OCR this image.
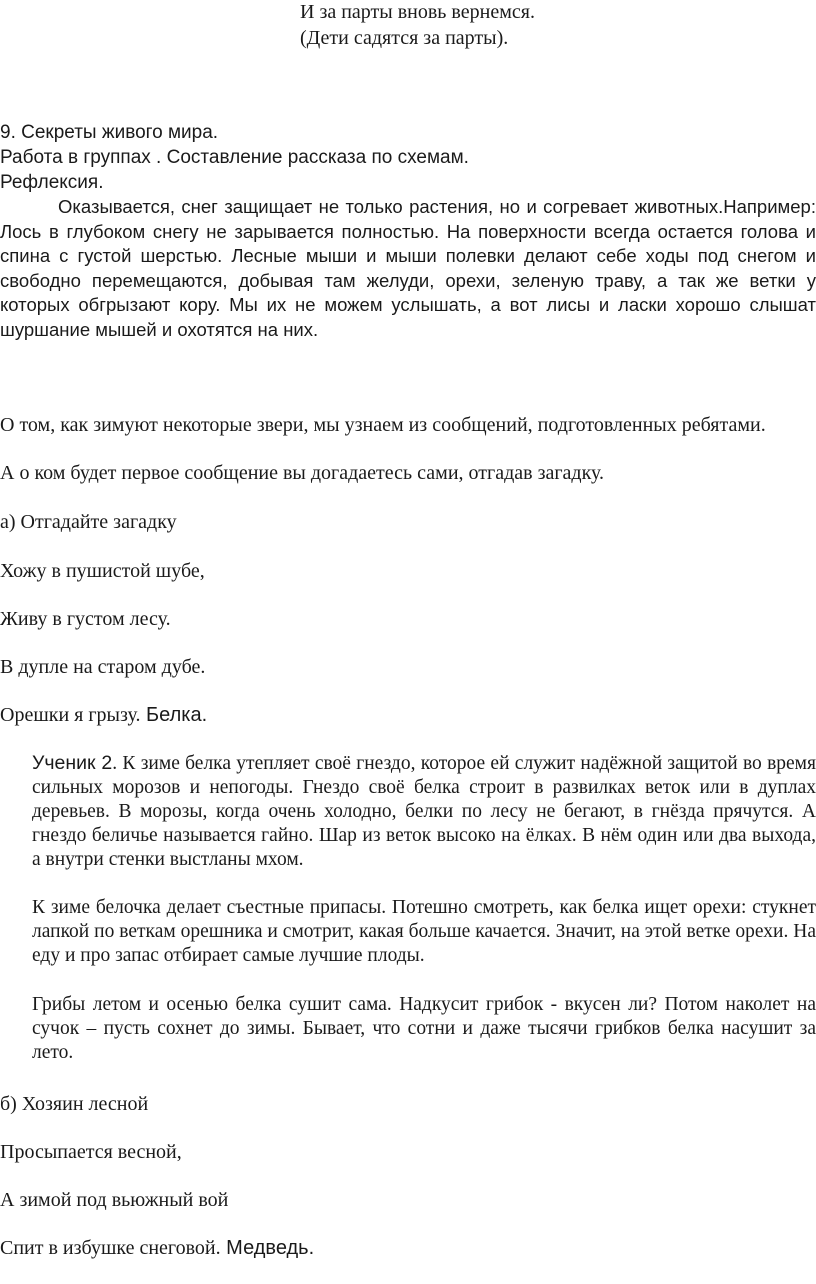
И за парты вновь вернемся.
(Дети садятся за парты).
9. Секреты живого мира.
Работа в группах . Составление рассказа по схемам.
Рефлексия.
Оказывается, снег защищает не только растения, но и согревает животных.Например: Лось в глубоком снегу не зарывается полностью. На поверхности всегда остается голова и спина с густой шерстью. Лесные мыши и мыши полевки делают себе ходы под снегом и свободно перемещаются, добывая там желуди, орехи, зеленую траву, а так же ветки у которых обгрызают кору. Мы их не можем услышать, а вот лисы и ласки хорошо слышат шуршание мышей и охотятся на них.
О том, как зимуют некоторые звери, мы узнаем из сообщений, подготовленных ребятами.
А о ком будет первое сообщение вы догадаетесь сами, отгадав загадку.
а) Отгадайте загадку
Хожу в пушистой шубе,
Живу в густом лесу.
В дупле на старом дубе.
Орешки я грызу. Белка.
Ученик 2. К зиме белка утепляет своё гнездо, которое ей служит надёжной защитой во время сильных морозов и непогоды. Гнездо своё белка строит в развилках веток или в дуплах деревьев. В морозы, когда очень холодно, белки по лесу не бегают, в гнёзда прячутся. А гнездо беличье называется гайно. Шар из веток высоко на ёлках. В нём один или два выхода, а внутри стенки выстланы мхом.
К зиме белочка делает съестные припасы. Потешно смотреть, как белка ищет орехи: стукнет лапкой по веткам орешника и смотрит, какая больше качается. Значит, на этой ветке орехи. На еду и про запас отбирает самые лучшие плоды.
Грибы летом и осенью белка сушит сама. Надкусит грибок - вкусен ли? Потом наколет на сучок – пусть сохнет до зимы. Бывает, что сотни и даже тысячи грибков белка насушит за лето.
б) Хозяин лесной
Просыпается весной,
А зимой под вьюжный вой
Спит в избушке снеговой. Медведь.
